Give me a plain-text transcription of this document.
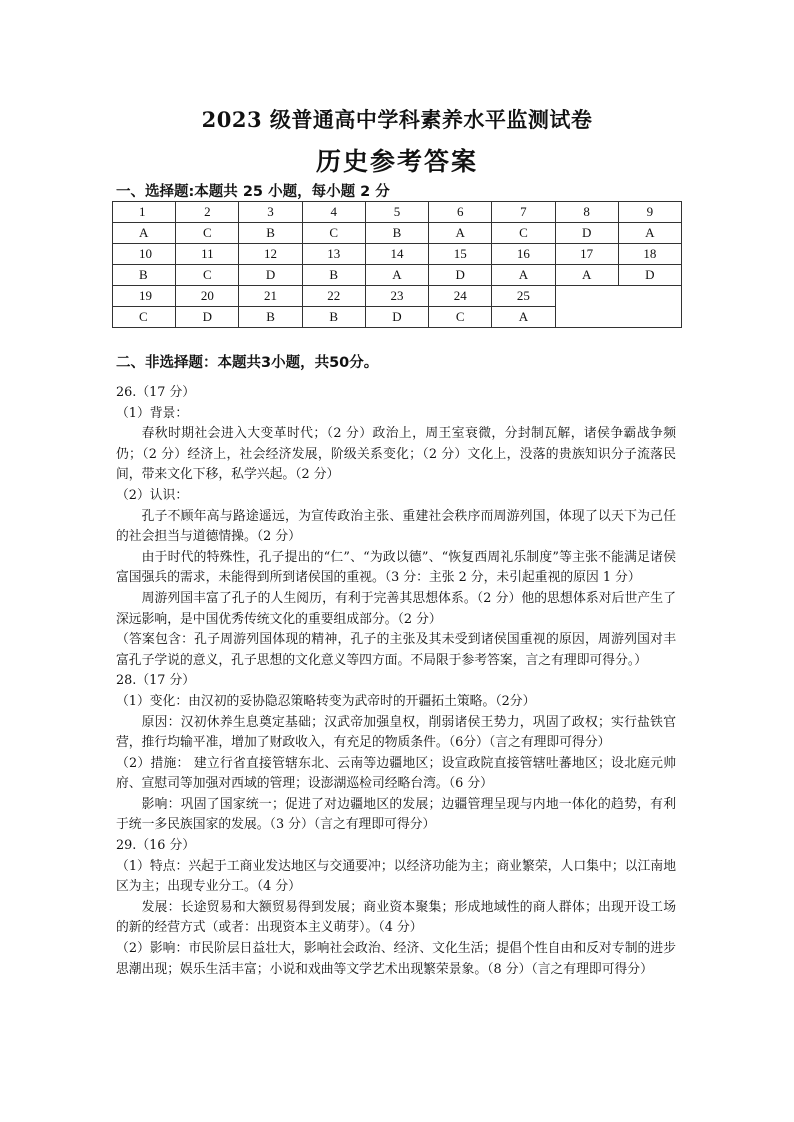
2023 级普通高中学科素养水平监测试卷
历史参考答案
一、选择题:本题共 25 小题，每小题 2 分
1	2	3	4	5	6	7	8	9
A	C	B	C	B	A	C	D	A
10	11	12	13	14	15	16	17	18
B	C	D	B	A	D	A	A	D
19	20	21	22	23	24	25		
C	D	B	B	D	C	A		
二、非选择题：本题共3小题，共50分。

26.（17 分）

（1）背景：

春秋时期社会进入大变革时代；（2 分）政治上，周王室衰微，分封制瓦解，诸侯争霸战争频仍；（2 分）经济上，社会经济发展，阶级关系变化；（2 分）文化上，没落的贵族知识分子流落民间，带来文化下移，私学兴起。（2 分）

（2）认识：

孔子不顾年高与路途遥远，为宣传政治主张、重建社会秩序而周游列国，体现了以天下为己任的社会担当与道德情操。（2 分）

由于时代的特殊性，孔子提出的“仁”、“为政以德”、“恢复西周礼乐制度”等主张不能满足诸侯富国强兵的需求，未能得到所到诸侯国的重视。（3 分：主张 2 分，未引起重视的原因 1 分）

周游列国丰富了孔子的人生阅历，有利于完善其思想体系。（2 分）他的思想体系对后世产生了深远影响，是中国优秀传统文化的重要组成部分。（2 分）

（答案包含：孔子周游列国体现的精神，孔子的主张及其未受到诸侯国重视的原因，周游列国对丰富孔子学说的意义，孔子思想的文化意义等四方面。不局限于参考答案，言之有理即可得分。）

28.（17 分）

（1）变化：由汉初的妥协隐忍策略转变为武帝时的开疆拓土策略。（2分）

原因：汉初休养生息奠定基础；汉武帝加强皇权，削弱诸侯王势力，巩固了政权；实行盐铁官营，推行均输平准，增加了财政收入，有充足的物质条件。（6分）（言之有理即可得分）

（2）措施： 建立行省直接管辖东北、云南等边疆地区；设宣政院直接管辖吐蕃地区；设北庭元帅府、宣慰司等加强对西域的管理；设澎湖巡检司经略台湾。（6 分）

影响：巩固了国家统一；促进了对边疆地区的发展；边疆管理呈现与内地一体化的趋势，有利于统一多民族国家的发展。（3 分）（言之有理即可得分）

29.（16 分）

（1）特点：兴起于工商业发达地区与交通要冲；以经济功能为主；商业繁荣，人口集中；以江南地区为主；出现专业分工。（4 分）

发展：长途贸易和大额贸易得到发展；商业资本聚集；形成地域性的商人群体；出现开设工场的新的经营方式（或者：出现资本主义萌芽）。（4 分）

（2）影响：市民阶层日益壮大，影响社会政治、经济、文化生活；提倡个性自由和反对专制的进步思潮出现；娱乐生活丰富；小说和戏曲等文学艺术出现繁荣景象。（8 分）（言之有理即可得分）
